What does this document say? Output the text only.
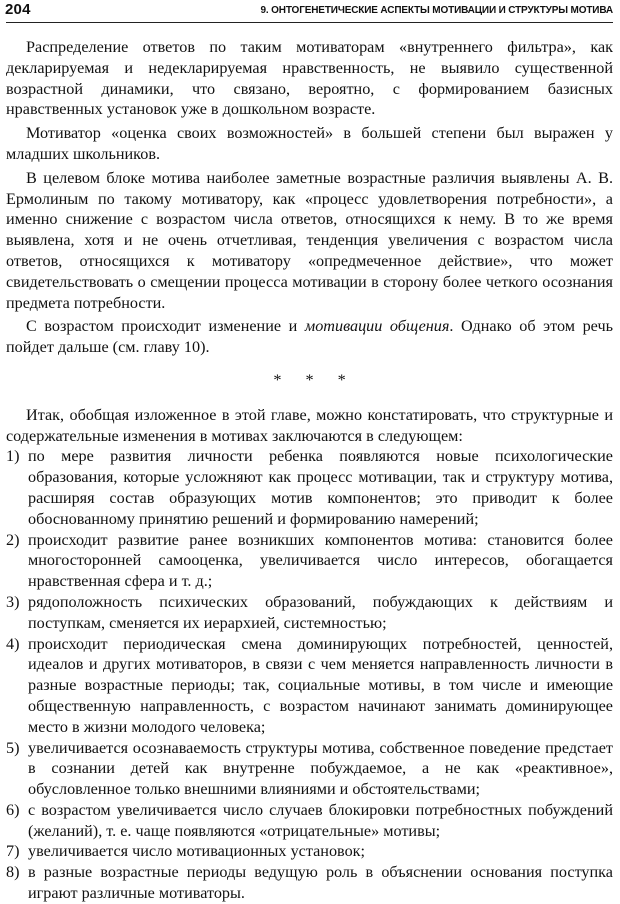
204	9. ОНТОГЕНЕТИЧЕСКИЕ АСПЕКТЫ МОТИВАЦИИ И СТРУКТУРЫ МОТИВА

Распределение ответов по таким мотиваторам «внутреннего фильтра», как декларируемая и недекларируемая нравственность, не выявило существенной возрастной динамики, что связано, вероятно, с формированием базисных нравственных установок уже в дошкольном возрасте.

Мотиватор «оценка своих возможностей» в большей степени был выражен у младших школьников.

В целевом блоке мотива наиболее заметные возрастные различия выявлены А. В. Ермолиным по такому мотиватору, как «процесс удовлетворения потребности», а именно снижение с возрастом числа ответов, относящихся к нему. В то же время выявлена, хотя и не очень отчетливая, тенденция увеличения с возрастом числа ответов, относящихся к мотиватору «опредмеченное действие», что может свидетельствовать о смещении процесса мотивации в сторону более четкого осознания предмета потребности.

С возрастом происходит изменение и мотивации общения. Однако об этом речь пойдет дальше (см. главу 10).

* * *

Итак, обобщая изложенное в этой главе, можно констатировать, что структурные и содержательные изменения в мотивах заключаются в следующем:

1) по мере развития личности ребенка появляются новые психологические образования, которые усложняют как процесс мотивации, так и структуру мотива, расширяя состав образующих мотив компонентов; это приводит к более обоснованному принятию решений и формированию намерений;
2) происходит развитие ранее возникших компонентов мотива: становится более многосторонней самооценка, увеличивается число интересов, обогащается нравственная сфера и т. д.;
3) рядоположность психических образований, побуждающих к действиям и поступкам, сменяется их иерархией, системностью;
4) происходит периодическая смена доминирующих потребностей, ценностей, идеалов и других мотиваторов, в связи с чем меняется направленность личности в разные возрастные периоды; так, социальные мотивы, в том числе и имеющие общественную направленность, с возрастом начинают занимать доминирующее место в жизни молодого человека;
5) увеличивается осознаваемость структуры мотива, собственное поведение предстает в сознании детей как внутренне побуждаемое, а не как «реактивное», обусловленное только внешними влияниями и обстоятельствами;
6) с возрастом увеличивается число случаев блокировки потребностных побуждений (желаний), т. е. чаще появляются «отрицательные» мотивы;
7) увеличивается число мотивационных установок;
8) в разные возрастные периоды ведущую роль в объяснении основания поступка играют различные мотиваторы.
